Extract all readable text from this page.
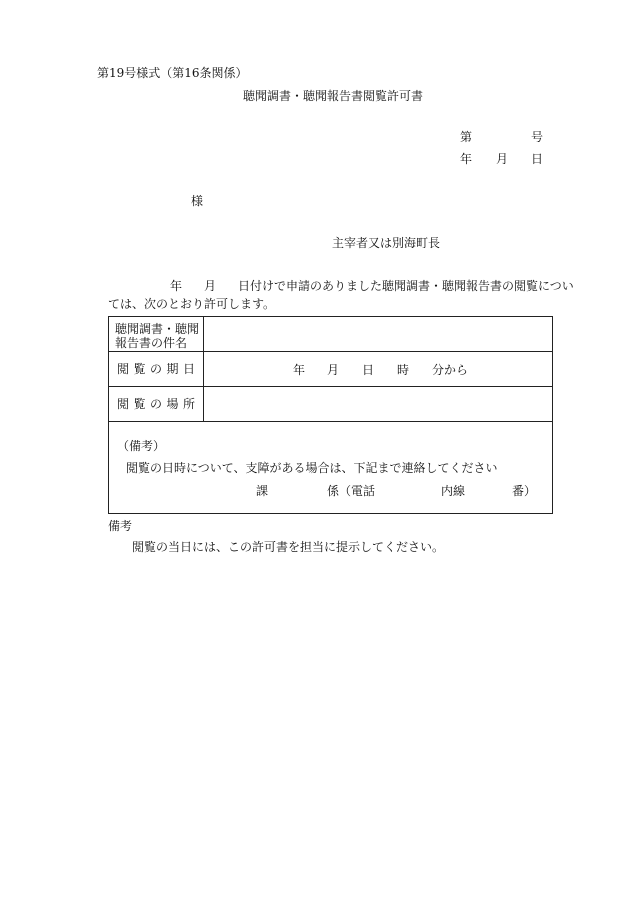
第19号様式（第16条関係）
聴聞調書・聴聞報告書閲覧許可書
第	号
年 月 日
様
主宰者又は別海町長
年 月 日付けで申請のありました聴聞調書・聴聞報告書の閲覧につい
ては、次のとおり許可します。
聴聞調書・聴聞
報告書の件名
閲 覧 の 期 日	年 月 日 時 分から
閲 覧 の 場 所
（備考）
閲覧の日時について、支障がある場合は、下記まで連絡してください
課	係（電話	内線	番）
備考
閲覧の当日には、この許可書を担当に提示してください。
